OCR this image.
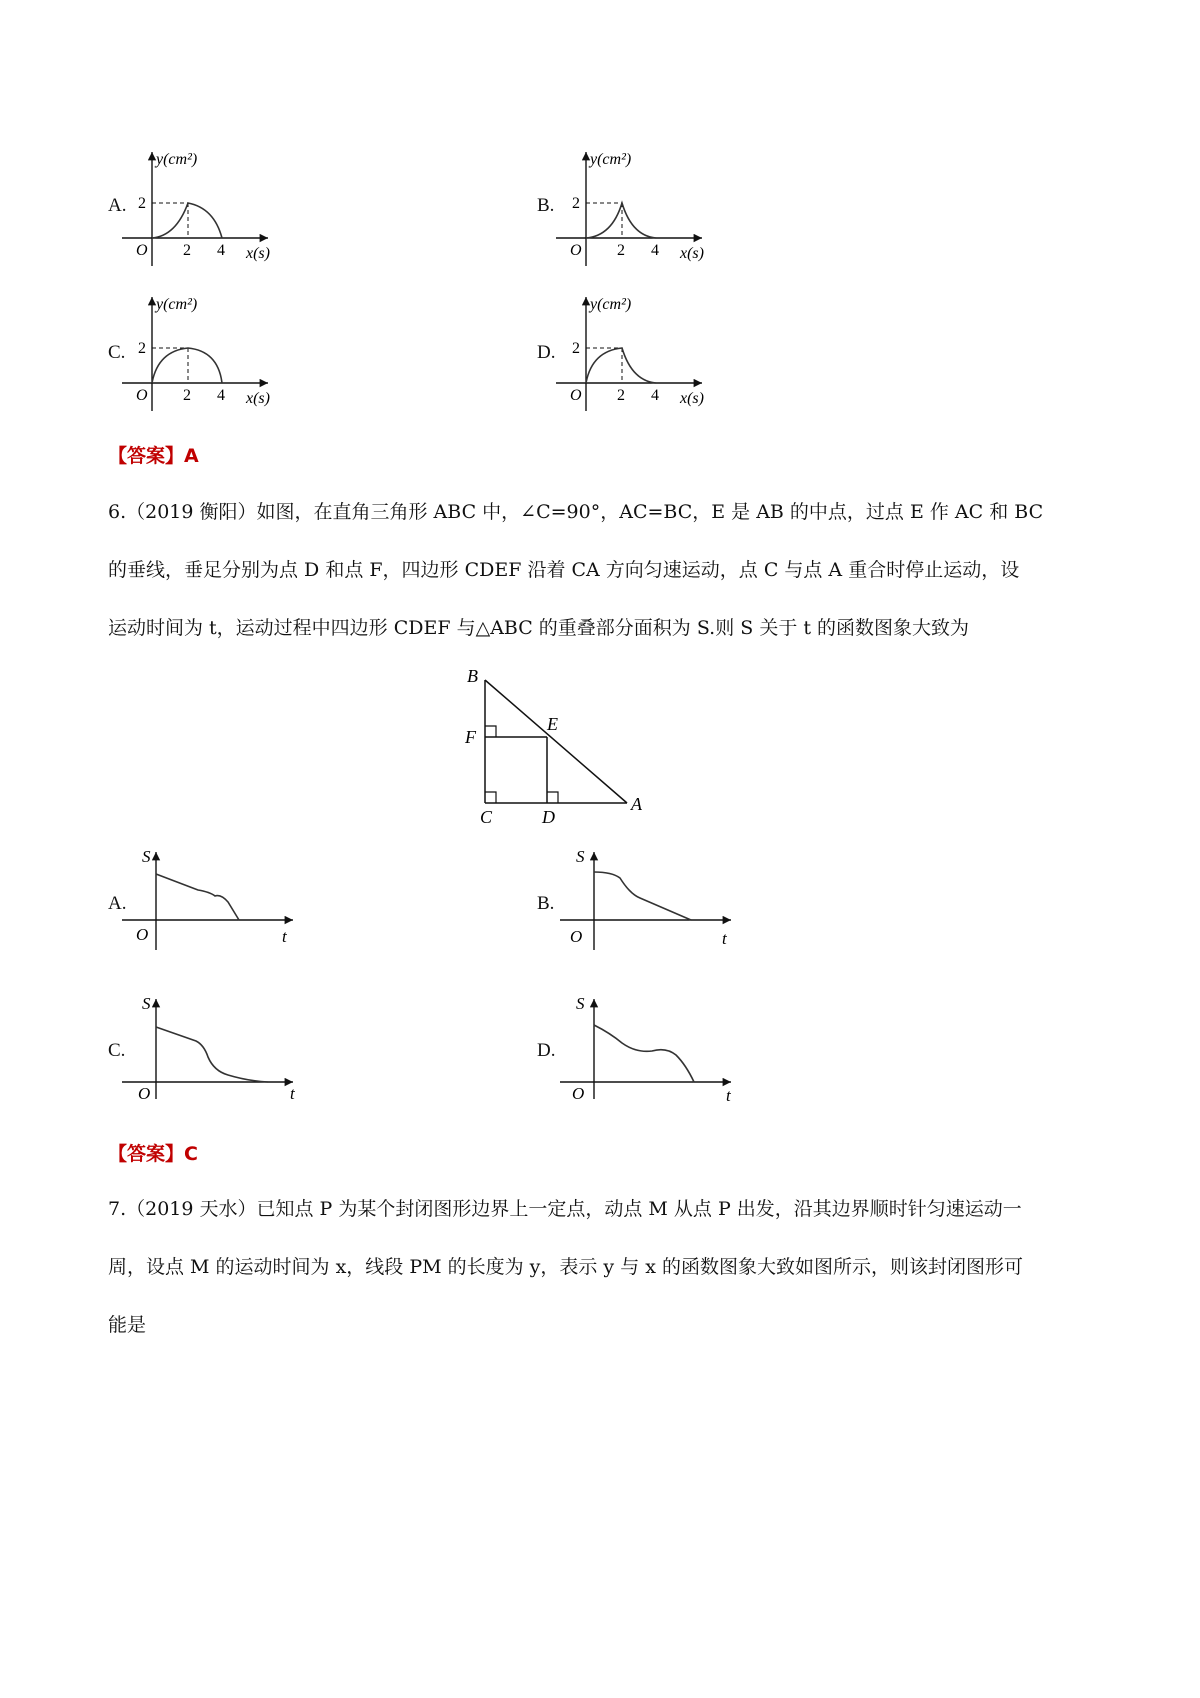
A.
y(cm²)
O
2
2 4 x(s)
B.
y(cm²)
O
2
2 4 x(s)
C.
y(cm²)
O
2
2 4 x(s)
D.
y(cm²)
O
2
2 4 x(s)
【答案】A
6.（2019 衡阳）如图，在直角三角形 ABC 中，∠C=90°，AC=BC，E 是 AB 的中点，过点 E 作 AC 和 BC
的垂线，垂足分别为点 D 和点 F，四边形 CDEF 沿着 CA 方向匀速运动，点 C 与点 A 重合时停止运动，设
运动时间为 t，运动过程中四边形 CDEF 与△ABC 的重叠部分面积为 S.则 S 关于 t 的函数图象大致为
B
E
F
C	D
A
A.
S
O	t
B.
S
O	t
C.
S
O	t
D.
S
O	t
【答案】C
7.（2019 天水）已知点 P 为某个封闭图形边界上一定点，动点 M 从点 P 出发，沿其边界顺时针匀速运动一
周，设点 M 的运动时间为 x，线段 PM 的长度为 y，表示 y 与 x 的函数图象大致如图所示，则该封闭图形可
能是
